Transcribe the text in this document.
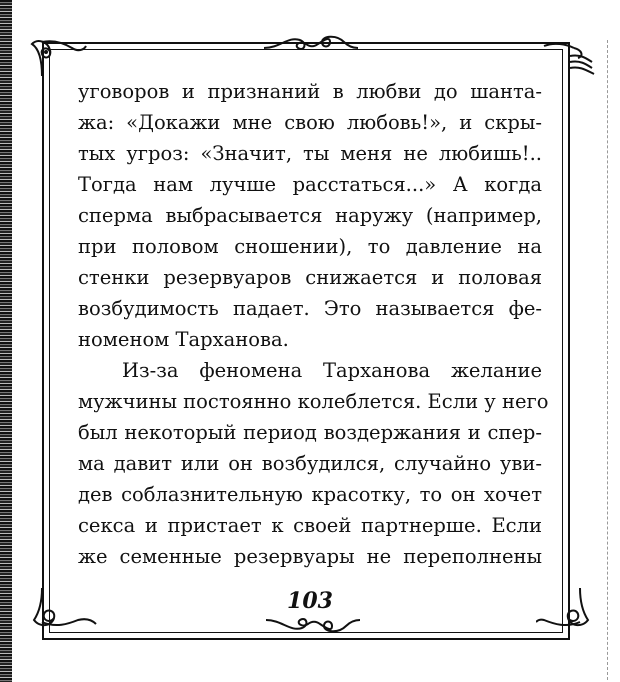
уговоров и признаний в любви до шанта-
жа: «Докажи мне свою любовь!», и скры-
тых угроз: «Значит, ты меня не любишь!..
Тогда нам лучше расстаться...» А когда
сперма выбрасывается наружу (например,
при половом сношении), то давление на
стенки резервуаров снижается и половая
возбудимость падает. Это называется фе-
номеном Тарханова.

Из-за феномена Тарханова желание
мужчины постоянно колеблется. Если у него
был некоторый период воздержания и спер-
ма давит или он возбудился, случайно уви-
дев соблазнительную красотку, то он хочет
секса и пристает к своей партнерше. Если
же семенные резервуары не переполнены

103
